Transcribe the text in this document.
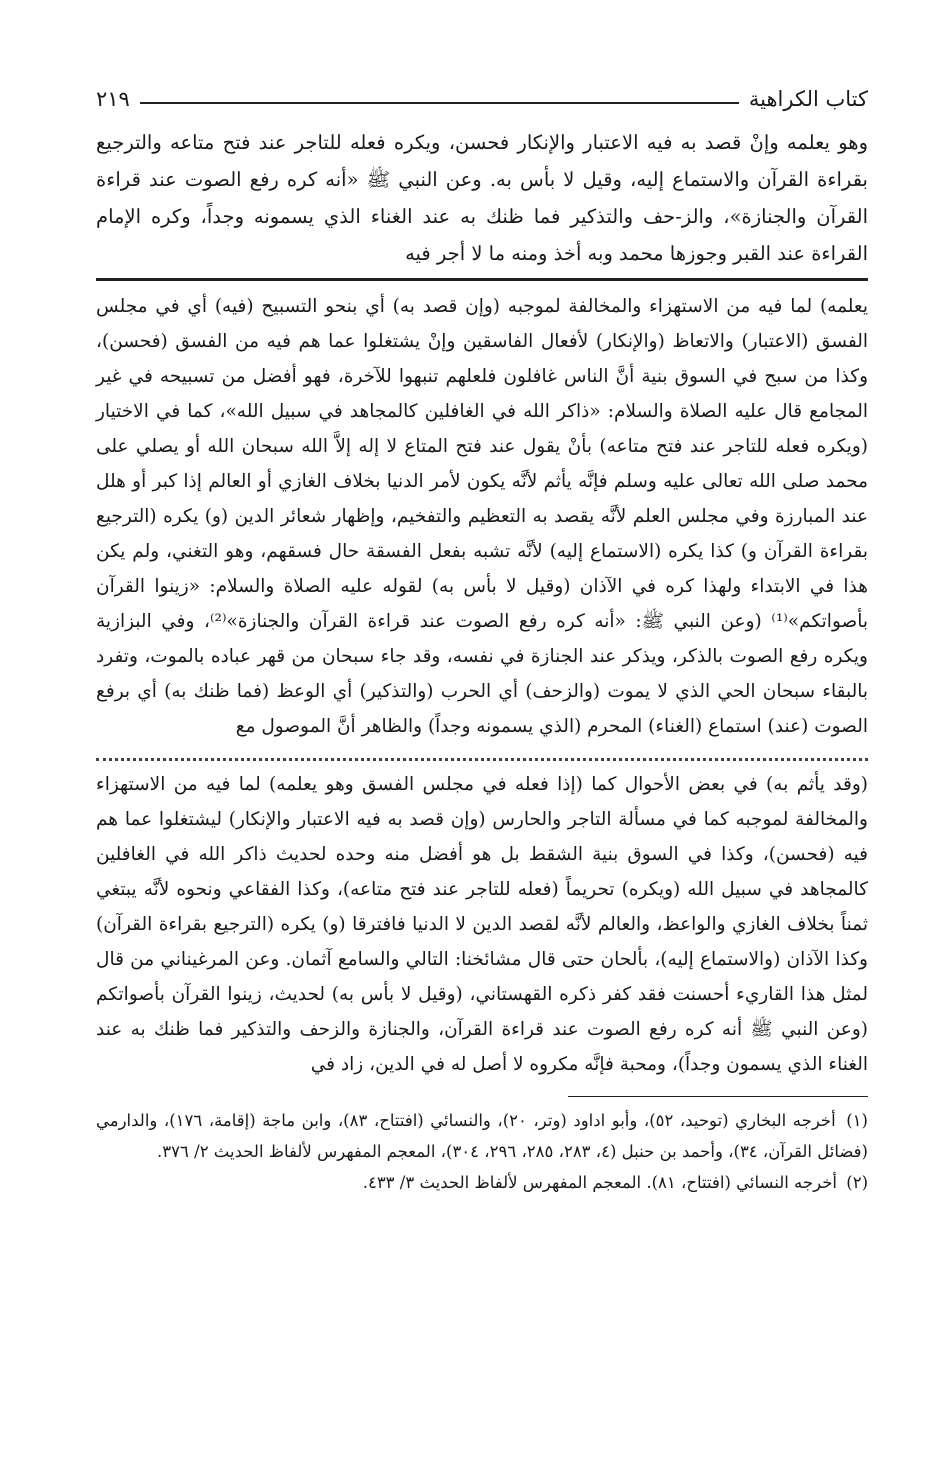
كتاب الكراهية
٢١٩
وهو يعلمه وإنْ قصد به فيه الاعتبار والإنكار فحسن، ويكره فعله للتاجر عند فتح متاعه والترجيع بقراءة القرآن والاستماع إليه، وقيل لا بأس به. وعن النبي ﷺ «أنه كره رفع الصوت عند قراءة القرآن والجنازة»، والز-حف والتذكير فما ظنك به عند الغناء الذي يسمونه وجداً، وكره الإمام القراءة عند القبر وجوزها محمد وبه أخذ ومنه ما لا أجر فيه
يعلمه) لما فيه من الاستهزاء والمخالفة لموجبه (وإن قصد به) أي بنحو التسبيح (فيه) أي في مجلس الفسق (الاعتبار) والاتعاظ (والإنكار) لأفعال الفاسقين وإنْ يشتغلوا عما هم فيه من الفسق (فحسن)، وكذا من سبح في السوق بنية أنَّ الناس غافلون فلعلهم تنبهوا للآخرة، فهو أفضل من تسبيحه في غير المجامع قال عليه الصلاة والسلام: «ذاكر الله في الغافلين كالمجاهد في سبيل الله»، كما في الاختيار (ويكره فعله للتاجر عند فتح متاعه) بأنْ يقول عند فتح المتاع لا إله إلاَّ الله سبحان الله أو يصلي على محمد صلى الله تعالى عليه وسلم فإنَّه يأثم لأنَّه يكون لأمر الدنيا بخلاف الغازي أو العالم إذا كبر أو هلل عند المبارزة وفي مجلس العلم لأنَّه يقصد به التعظيم والتفخيم، وإظهار شعائر الدين (و) يكره (الترجيع بقراءة القرآن و) كذا يكره (الاستماع إليه) لأنَّه تشبه بفعل الفسقة حال فسقهم، وهو التغني، ولم يكن هذا في الابتداء ولهذا كره في الآذان (وقيل لا بأس به) لقوله عليه الصلاة والسلام: «زينوا القرآن بأصواتكم»⁽¹⁾ (وعن النبي ﷺ: «أنه كره رفع الصوت عند قراءة القرآن والجنازة»⁽²⁾، وفي البزازية ويكره رفع الصوت بالذكر، ويذكر عند الجنازة في نفسه، وقد جاء سبحان من قهر عباده بالموت، وتفرد بالبقاء سبحان الحي الذي لا يموت (والزحف) أي الحرب (والتذكير) أي الوعظ (فما ظنك به) أي برفع الصوت (عند) استماع (الغناء) المحرم (الذي يسمونه وجداً) والظاهر أنَّ الموصول مع
(وقد يأثم به) في بعض الأحوال كما (إذا فعله في مجلس الفسق وهو يعلمه) لما فيه من الاستهزاء والمخالفة لموجبه كما في مسألة التاجر والحارس (وإن قصد به فيه الاعتبار والإنكار) ليشتغلوا عما هم فيه (فحسن)، وكذا في السوق بنية الشقط بل هو أفضل منه وحده لحديث ذاكر الله في الغافلين كالمجاهد في سبيل الله (ويكره) تحريماً (فعله للتاجر عند فتح متاعه)، وكذا الفقاعي ونحوه لأنَّه يبتغي ثمناً بخلاف الغازي والواعظ، والعالم لأنَّه لقصد الدين لا الدنيا فافترقا (و) يكره (الترجيع بقراءة القرآن) وكذا الآذان (والاستماع إليه)، بألحان حتى قال مشائخنا: التالي والسامع آثمان. وعن المرغيناني من قال لمثل هذا القاريء أحسنت فقد كفر ذكره القهستاني، (وقيل لا بأس به) لحديث، زينوا القرآن بأصواتكم (وعن النبي ﷺ أنه كره رفع الصوت عند قراءة القرآن، والجنازة والزحف والتذكير فما ظنك به عند الغناء الذي يسمون وجداً)، ومحبة فإنَّه مكروه لا أصل له في الدين، زاد في
(١) أخرجه البخاري (توحيد، ٥٢)، وأبو اداود (وتر، ٢٠)، والنسائي (افتتاح، ٨٣)، وابن ماجة (إقامة، ١٧٦)، والدارمي (فضائل القرآن، ٣٤)، وأحمد بن حنبل (٤، ٢٨٣، ٢٨٥، ٢٩٦، ٣٠٤)، المعجم المفهرس لألفاظ الحديث ٢/ ٣٧٦.
(٢) أخرجه النسائي (افتتاح، ٨١). المعجم المفهرس لألفاظ الحديث ٣/ ٤٣٣.
